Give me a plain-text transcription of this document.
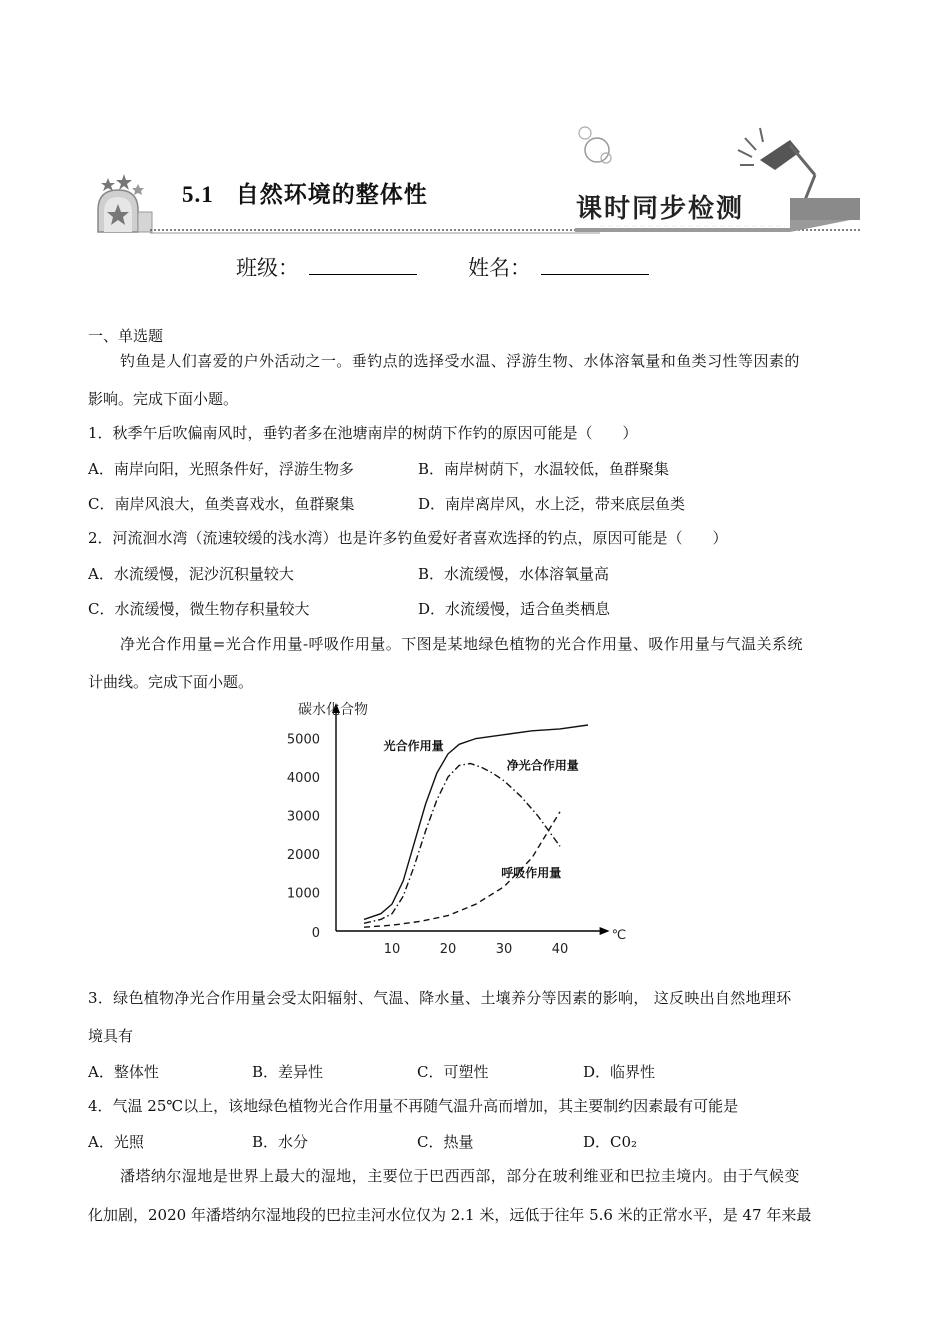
5.1 自然环境的整体性	课时同步检测
班级：	姓名：
一、单选题
钓鱼是人们喜爱的户外活动之一。垂钓点的选择受水温、浮游生物、水体溶氧量和鱼类习性等因素的
影响。完成下面小题。
1．秋季午后吹偏南风时，垂钓者多在池塘南岸的树荫下作钓的原因可能是（　　）
A．南岸向阳，光照条件好，浮游生物多	B．南岸树荫下，水温较低，鱼群聚集
C．南岸风浪大，鱼类喜戏水，鱼群聚集	D．南岸离岸风，水上泛，带来底层鱼类
2．河流洄水湾（流速较缓的浅水湾）也是许多钓鱼爱好者喜欢选择的钓点，原因可能是（　　）
A．水流缓慢，泥沙沉积量较大	B．水流缓慢，水体溶氧量高
C．水流缓慢，微生物存积量较大	D．水流缓慢，适合鱼类栖息
净光合作用量=光合作用量-呼吸作用量。下图是某地绿色植物的光合作用量、吸作用量与气温关系统
计曲线。完成下面小题。
1000
2000
3000
4000
5000
0
10	20	30	40
℃
碳水化合物
光合作用量
净光合作用量
呼吸作用量
3．绿色植物净光合作用量会受太阳辐射、气温、降水量、土壤养分等因素的影响， 这反映出自然地理环
境具有
A．整体性	B．差异性	C．可塑性	D．临界性
4．气温 25℃以上，该地绿色植物光合作用量不再随气温升高而增加，其主要制约因素最有可能是
A．光照	B．水分	C．热量	D．C0₂
潘塔纳尔湿地是世界上最大的湿地，主要位于巴西西部，部分在玻利维亚和巴拉圭境内。由于气候变
化加剧，2020 年潘塔纳尔湿地段的巴拉圭河水位仅为 2.1 米，远低于往年 5.6 米的正常水平，是 47 年来最
